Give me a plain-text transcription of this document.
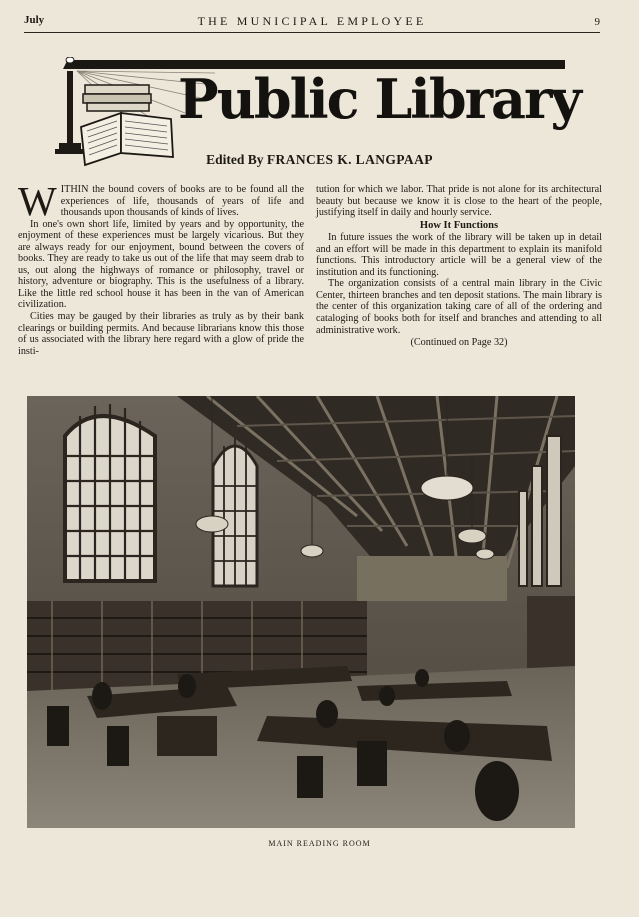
July	THE MUNICIPAL EMPLOYEE	9
Public Library
Edited By FRANCES K. LANGPAAP

WITHIN the bound covers of books are to be found all the experiences of life, thousands of years of life and thousands upon thousands of kinds of lives.

In one's own short life, limited by years and by opportunity, the enjoyment of these experiences must be largely vicarious. But they are always ready for our enjoyment, bound between the covers of books. They are ready to take us out of the life that may seem drab to us, out along the highways of romance or philosophy, travel or history, adventure or biography. This is the usefulness of a library. Like the little red school house it has been in the van of American civilization.

Cities may be gauged by their libraries as truly as by their bank clearings or building permits. And because librarians know this those of us associated with the library here regard with a glow of pride the insti-

tution for which we labor. That pride is not alone for its architectural beauty but because we know it is close to the heart of the people, justifying itself in daily and hourly service.

How It Functions

In future issues the work of the library will be taken up in detail and an effort will be made in this department to explain its manifold functions. This introductory article will be a general view of the institution and its functioning.

The organization consists of a central main library in the Civic Center, thirteen branches and ten deposit stations. The main library is the center of this organization taking care of all of the ordering and cataloging of books both for itself and branches and attending to all administrative work.

(Continued on Page 32)
MAIN READING ROOM
